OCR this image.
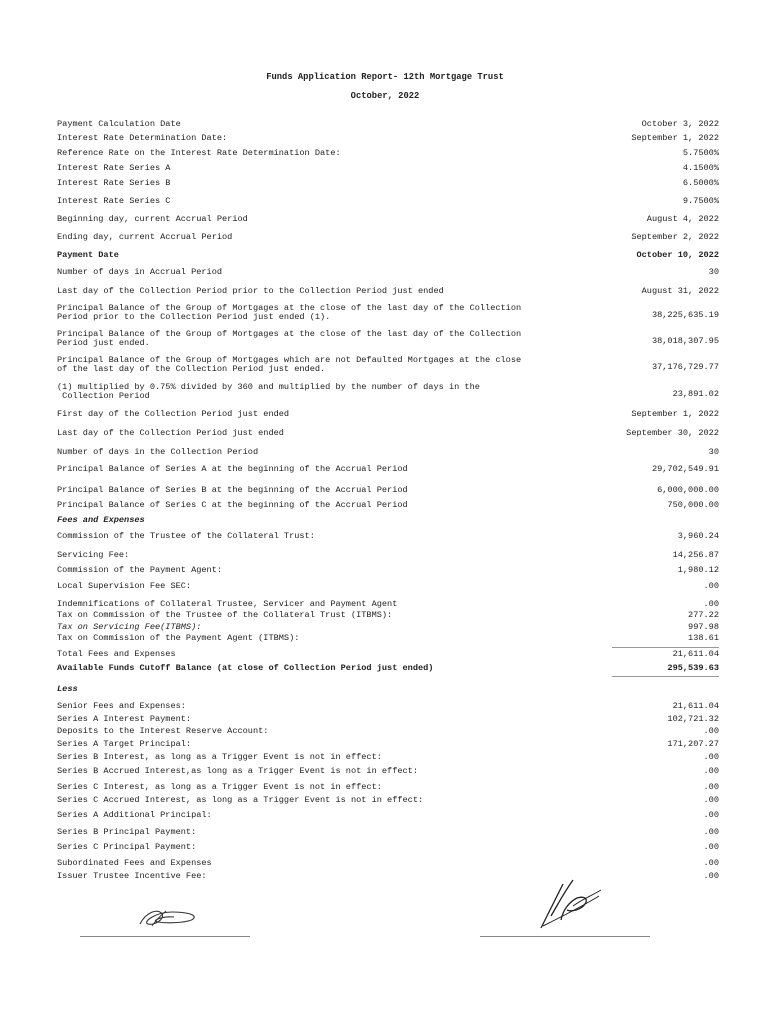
Funds Application Report- 12th Mortgage Trust
October, 2022
Payment Calculation Date	October 3, 2022
Interest Rate Determination Date:	September 1, 2022
Reference Rate on the Interest Rate Determination Date:	5.7500%
Interest Rate Series A	4.1500%
Interest Rate Series B	6.5000%
Interest Rate Series C	9.7500%
Beginning day, current Accrual Period	August 4, 2022
Ending day, current Accrual Period	September 2, 2022
Payment Date	October 10, 2022
Number of days in Accrual Period	30
Last day of the Collection Period prior to the Collection Period just ended	August 31, 2022
Principal Balance of the Group of Mortgages at the close of the last day of the Collection
Period prior to the Collection Period just ended (1).	38,225,635.19
Principal Balance of the Group of Mortgages at the close of the last day of the Collection
Period just ended.	38,018,307.95
Principal Balance of the Group of Mortgages which are not Defaulted Mortgages at the close
of the last day of the Collection Period just ended.	37,176,729.77
(1) multiplied by 0.75% divided by 360 and multiplied by the number of days in the
Collection Period	23,891.02
First day of the Collection Period just ended	September 1, 2022
Last day of the Collection Period just ended	September 30, 2022
Number of days in the Collection Period	30
Principal Balance of Series A at the beginning of the Accrual Period	29,702,549.91
Principal Balance of Series B at the beginning of the Accrual Period	6,000,000.00
Principal Balance of Series C at the beginning of the Accrual Period	750,000.00
Fees and Expenses
Commission of the Trustee of the Collateral Trust:	3,960.24
Servicing Fee:	14,256.87
Commission of the Payment Agent:	1,980.12
Local Supervision Fee SEC:	.00
Indemnifications of Collateral Trustee, Servicer and Payment Agent	.00
Tax on Commission of the Trustee of the Collateral Trust (ITBMS):	277.22
Tax on Servicing Fee(ITBMS):	997.98
Tax on Commission of the Payment Agent (ITBMS):	138.61
Total Fees and Expenses	21,611.04
Available Funds Cutoff Balance (at close of Collection Period just ended)	295,539.63
Less
Senior Fees and Expenses:	21,611.04
Series A Interest Payment:	102,721.32
Deposits to the Interest Reserve Account:	.00
Series A Target Principal:	171,207.27
Series B Interest, as long as a Trigger Event is not in effect:	.00
Series B Accrued Interest,as long as a Trigger Event is not in effect:	.00
Series C Interest, as long as a Trigger Event is not in effect:	.00
Series C Accrued Interest, as long as a Trigger Event is not in effect:	.00
Series A Additional Principal:	.00
Series B Principal Payment:	.00
Series C Principal Payment:	.00
Subordinated Fees and Expenses	.00
Issuer Trustee Incentive Fee:	.00
